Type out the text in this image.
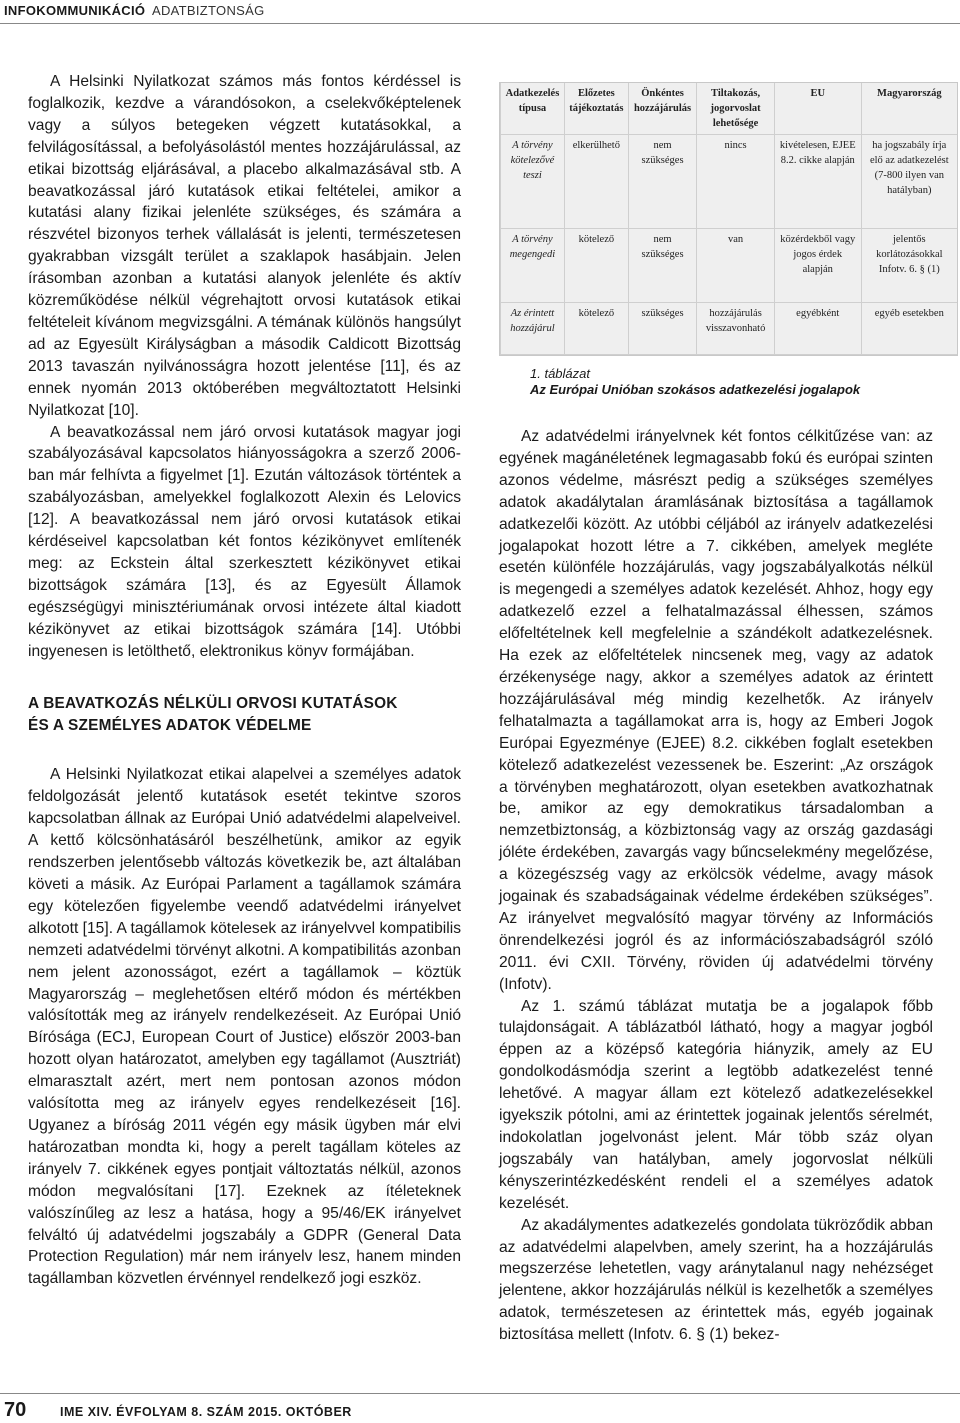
INFOKOMMUNIKÁCIÓ ADATBIZTONSÁG

A Helsinki Nyilatkozat számos más fontos kérdéssel is foglalkozik, kezdve a várandósokon, a cselekvőképtelenek vagy a súlyos betegeken végzett kutatásokkal, a felvilágosítással, a befolyásolástól mentes hozzájárulással, az etikai bizottság eljárásával, a placebo alkalmazásával stb. A beavatkozással járó kutatások etikai feltételei, amikor a kutatási alany fizikai jelenléte szükséges, és számára a részvétel bizonyos terhek vállalását is jelenti, természetesen gyakrabban vizsgált terület a szaklapok hasábjain. Jelen írásomban azonban a kutatási alanyok jelenléte és aktív közreműködése nélkül végrehajtott orvosi kutatások etikai feltételeit kívánom megvizsgálni. A témának különös hangsúlyt ad az Egyesült Királyságban a második Caldicott Bizottság 2013 tavaszán nyilvánosságra hozott jelentése [11], és az ennek nyomán 2013 októberében megváltoztatott Helsinki Nyilatkozat [10].

A beavatkozással nem járó orvosi kutatások magyar jogi szabályozásával kapcsolatos hiányosságokra a szerző 2006-ban már felhívta a figyelmet [1]. Ezután változások történtek a szabályozásban, amelyekkel foglalkozott Alexin és Lelovics [12]. A beavatkozással nem járó orvosi kutatások etikai kérdéseivel kapcsolatban két fontos kézikönyvet említenék meg: az Eckstein által szerkesztett kézikönyvet etikai bizottságok számára [13], és az Egyesült Államok egészségügyi minisztériumának orvosi intézete által kiadott kézikönyvet az etikai bizottságok számára [14]. Utóbbi ingyenesen is letölthető, elektronikus könyv formájában.

A BEAVATKOZÁS NÉLKÜLI ORVOSI KUTATÁSOK
ÉS A SZEMÉLYES ADATOK VÉDELME

A Helsinki Nyilatkozat etikai alapelvei a személyes adatok feldolgozását jelentő kutatások esetét tekintve szoros kapcsolatban állnak az Európai Unió adatvédelmi alapelveivel. A kettő kölcsönhatásáról beszélhetünk, amikor az egyik rendszerben jelentősebb változás következik be, azt általában követi a másik. Az Európai Parlament a tagállamok számára egy kötelezően figyelembe veendő adatvédelmi irányelvet alkotott [15]. A tagállamok kötelesek az irányelvvel kompatibilis nemzeti adatvédelmi törvényt alkotni. A kompatibilitás azonban nem jelent azonosságot, ezért a tagállamok – köztük Magyarország – meglehetősen eltérő módon és mértékben valósították meg az irányelv rendelkezéseit. Az Európai Unió Bírósága (ECJ, European Court of Justice) először 2003-ban hozott olyan határozatot, amelyben egy tagállamot (Ausztriát) elmarasztalt azért, mert nem pontosan azonos módon valósította meg az irányelv egyes rendelkezéseit [16]. Ugyanez a bíróság 2011 végén egy másik ügyben már elvi határozatban mondta ki, hogy a perelt tagállam köteles az irányelv 7. cikkének egyes pontjait változtatás nélkül, azonos módon megvalósítani [17]. Ezeknek az ítéleteknek valószínűleg az lesz a hatása, hogy a 95/46/EK irányelvet felváltó új adatvédelmi jogszabály a GDPR (General Data Protection Regulation) már nem irányelv lesz, hanem minden tagállamban közvetlen érvénnyel rendelkező jogi eszköz.

Adatkezelés típusa	Előzetes tájékoztatás	Önkéntes hozzájárulás	Tiltakozás, jogorvoslat lehetősége	EU	Magyarország
A törvény kötelezővé teszi	elkerülhető	nem szükséges	nincs	kivételesen, EJEE 8.2. cikke alapján	ha jogszabály írja elő az adatkezelést (7-800 ilyen van hatályban)
A törvény megengedi	kötelező	nem szükséges	van	közérdekből vagy jogos érdek alapján	jelentős korlátozásokkal Infotv. 6. § (1)
Az érintett hozzájárul	kötelező	szükséges	hozzájárulás visszavonható	egyébként	egyéb esetekben
1. táblázat
Az Európai Unióban szokásos adatkezelési jogalapok

Az adatvédelmi irányelvnek két fontos célkitűzése van: az egyének magánéletének legmagasabb fokú és európai szinten azonos védelme, másrészt pedig a szükséges személyes adatok akadálytalan áramlásának biztosítása a tagállamok adatkezelői között. Az utóbbi céljából az irányelv adatkezelési jogalapokat hozott létre a 7. cikkében, amelyek megléte esetén különféle hozzájárulás, vagy jogszabályalkotás nélkül is megengedi a személyes adatok kezelését. Ahhoz, hogy egy adatkezelő ezzel a felhatalmazással élhessen, számos előfeltételnek kell megfelelnie a szándékolt adatkezelésnek. Ha ezek az előfeltételek nincsenek meg, vagy az adatok érzékenysége nagy, akkor a személyes adatok az érintett hozzájárulásával még mindig kezelhetők. Az irányelv felhatalmazta a tagállamokat arra is, hogy az Emberi Jogok Európai Egyezménye (EJEE) 8.2. cikkében foglalt esetekben kötelező adatkezelést vezessenek be. Eszerint: „Az országok a törvényben meghatározott, olyan esetekben avatkozhatnak be, amikor az egy demokratikus társadalomban a nemzetbiztonság, a közbiztonság vagy az ország gazdasági jóléte érdekében, zavargás vagy bűncselekmény megelőzése, a közegészség vagy az erkölcsök védelme, avagy mások jogainak és szabadságainak védelme érdekében szükséges”. Az irányelvet megvalósító magyar törvény az Információs önrendelkezési jogról és az információszabadságról szóló 2011. évi CXII. Törvény, röviden új adatvédelmi törvény (Infotv).

Az 1. számú táblázat mutatja be a jogalapok főbb tulajdonságait. A táblázatból látható, hogy a magyar jogból éppen az a középső kategória hiányzik, amely az EU gondolkodásmódja szerint a legtöbb adatkezelést tenné lehetővé. A magyar állam ezt kötelező adatkezelésekkel igyekszik pótolni, ami az érintettek jogainak jelentős sérelmét, indokolatlan jogelvonást jelent. Már több száz olyan jogszabály van hatályban, amely jogorvoslat nélküli kényszerintézkedésként rendeli el a személyes adatok kezelését.

Az akadálymentes adatkezelés gondolata tükröződik abban az adatvédelmi alapelvben, amely szerint, ha a hozzájárulás megszerzése lehetetlen, vagy aránytalanul nagy nehézséget jelentene, akkor hozzájárulás nélkül is kezelhetők a személyes adatok, természetesen az érintettek más, egyéb jogainak biztosítása mellett (Infotv. 6. § (1) bekez-

70	IME XIV. ÉVFOLYAM 8. SZÁM 2015. OKTÓBER
